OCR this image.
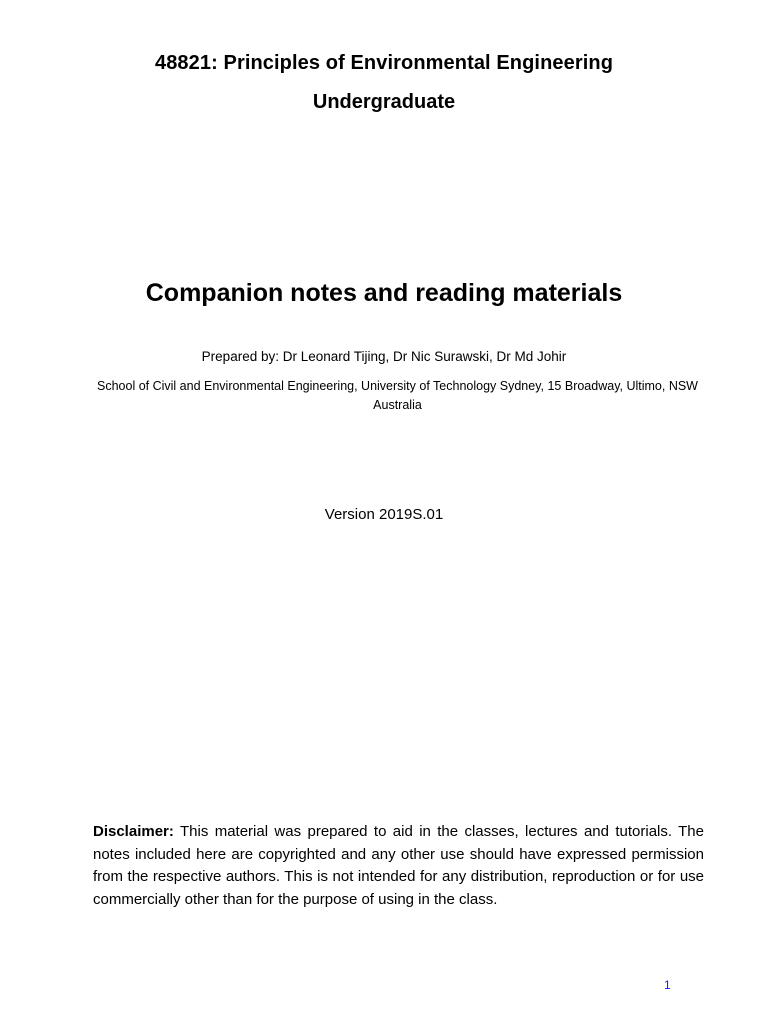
48821: Principles of Environmental Engineering
Undergraduate
Companion notes and reading materials

Prepared by: Dr Leonard Tijing, Dr Nic Surawski, Dr Md Johir

School of Civil and Environmental Engineering, University of Technology Sydney, 15 Broadway, Ultimo, NSW Australia

Version 2019S.01

Disclaimer: This material was prepared to aid in the classes, lectures and tutorials. The notes included here are copyrighted and any other use should have expressed permission from the respective authors. This is not intended for any distribution, reproduction or for use commercially other than for the purpose of using in the class.

1
